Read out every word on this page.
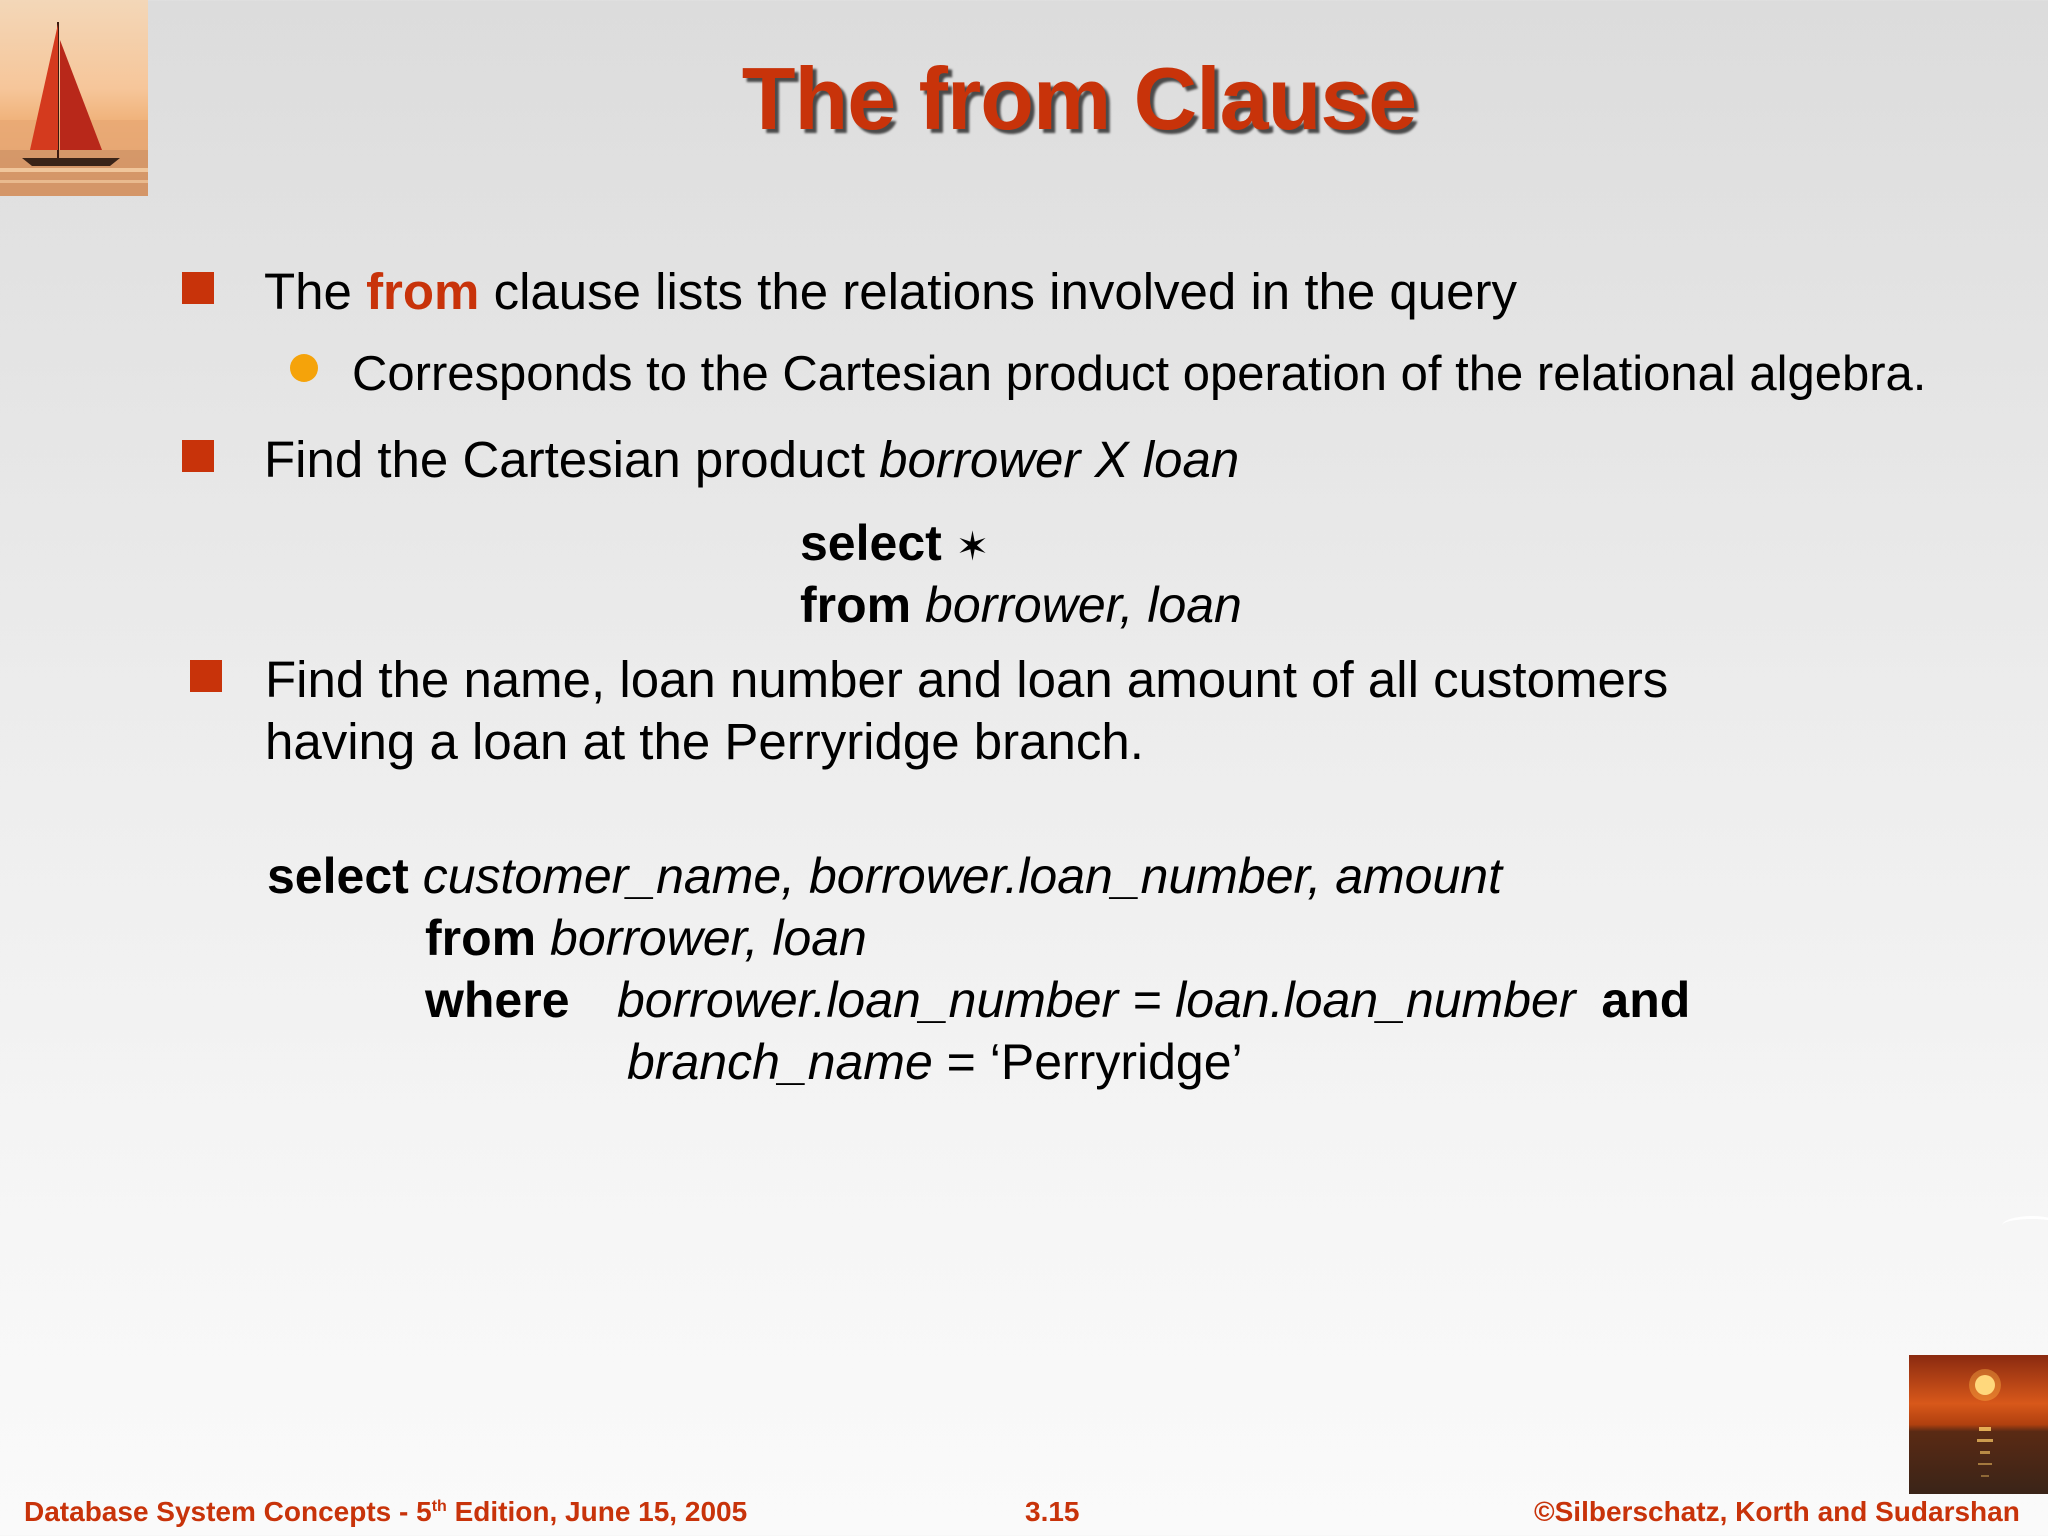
The from Clause
The from clause lists the relations involved in the query
Corresponds to the Cartesian product operation of the relational algebra.
Find the Cartesian product borrower X loan
select ✶
from borrower, loan
Find the name, loan number and loan amount of all customers
having a loan at the Perryridge branch.
select customer_name, borrower.loan_number, amount
from borrower, loan
where borrower.loan_number = loan.loan_number and
branch_name = ‘Perryridge’
Database System Concepts - 5th Edition, June 15, 2005	3.15	©Silberschatz, Korth and Sudarshan
